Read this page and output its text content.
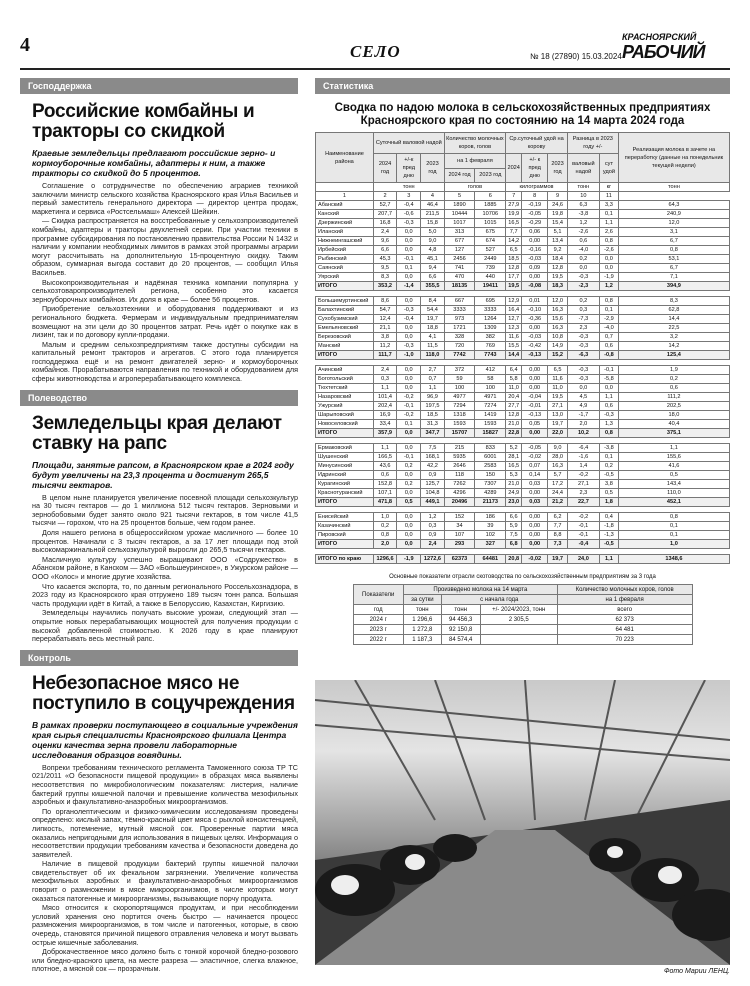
4	СЕЛО	№ 18 (27890) 15.03.2024
КРАСНОЯРСКИЙ
РАБОЧИЙ
Господдержка
Российские комбайны и тракторы со скидкой
Краевые земледельцы предлагают российские зерно- и кормоуборочные комбайны, адаптеры к ним, а также тракторы со скидкой до 5 процентов.

Соглашение о сотрудничестве по обеспечению аграриев техникой заключили министр сельского хозяйства Красноярского края Илья Васильев и первый заместитель генерального директора — директор центра продаж, маркетинга и сервиса «Ростсельмаш» Алексей Шейкин.

— Скидка распространяется на восстребованные у сельхозпроизводителей комбайны, адаптеры и тракторы двухлетней серии. При участии техники в программе субсидирования по постановлению правительства России N 1432 и наличии у компании необходимых лимитов в рамках этой программы аграрии могут рассчитывать на дополнительную 15-процентную скидку. Таким образом, суммарная выгода составит до 20 процентов, — сообщил Илья Васильев.

Высокопроизводительная и надёжная техника компании популярна у сельхозтоваропроизводителей региона, особенно это касается зерноуборочных комбайнов. Их доля в крае — более 56 процентов.

Приобретение сельхозтехники и оборудования поддерживают и из регионального бюджета. Фермерам и индивидуальным предпринимателям возмещают на эти цели до 30 процентов затрат. Речь идёт о покупке как в лизинг, так и по договору купли-продажи.

Малым и средним сельхозпредприятиям также доступны субсидии на капитальный ремонт тракторов и агрегатов. С этого года планируется господдержка ещё и на ремонт двигателей зерно- и кормоуборочных комбайнов. Прорабатываются направления по техникой и оборудованием для сферы животноводства и агроперерабатывающего комплекса.

Полеводство
Земледельцы края делают ставку на рапс
Площади, занятые рапсом, в Красноярском крае в 2024 году будут увеличены на 23,3 процента и достигнут 265,5 тысячи гектаров.

В целом ныне планируется увеличение посевной площади сельхозкультур на 30 тысяч гектаров — до 1 миллиона 512 тысяч гектаров. Зерновыми и зернобобовыми будет занято около 921 тысячи гектаров, в том числе 41,5 тысячи — горохом, что на 25 процентов больше, чем годом ранее.

Доля нашего региона в общероссийском урожае масличного — более 10 процентов. Начинали с 3 тысяч гектаров, а за 17 лет площади под этой высокомаржинальной сельхозкультурой выросли до 265,5 тысячи гектаров.

Масличную культуру успешно выращивают ООО «Содружество» в Абанском районе, в Канском — ЗАО «Большеуринское», в Ужурском районе — ООО «Колос» и многие другие хозяйства.

Что касается экспорта, то, по данным регионального Россельхознадзора, в 2023 году из Красноярского края отгружено 189 тысяч тонн рапса. Большая часть продукции идёт в Китай, а также в Белоруссию, Казахстан, Киргизию.

Земледельцы научились получать высокие урожаи, следующий этап — открытие новых перерабатывающих мощностей для получения продукции с высокой добавленной стоимостью. К 2026 году в крае планируют перерабатывать весь местный рапс.

Контроль
Небезопасное мясо не поступило в соцучреждения
В рамках проверки поступающего в социальные учреждения края сырья специалисты Красноярского филиала Центра оценки качества зерна провели лабораторные исследования образцов говядины.

Вопреки требованиям технического регламента Таможенного союза ТР ТС 021/2011 «О безопасности пищевой продукции» в образцах мяса выявлены несоответствия по микробиологическим показателям: листерия, наличие бактерий группы кишечной палочки и превышение количества мезофильных аэробных и факультативно-анаэробных микроорганизмов.

По органолептическим и физико-химическим исследованиям проведены определено: кислый запах, тёмно-красный цвет мяса с рыхлой консистенцией, липкость, потемнение, мутный мясной сок. Проверенные партии мяса оказались непригодными для использования в пищевых целях. Информация о несоответствии продукции требованиям качества и безопасности доведена до заявителей.

Наличие в пищевой продукции бактерий группы кишечной палочки свидетельствует об их фекальном загрязнении. Увеличение количества мезофильных аэробных и факультативно-анаэробных микроорганизмов говорит о размножении в мясе микроорганизмов, в числе которых могут оказаться патогенные и микроорганизмы, вызывающие порчу продукта.

Мясо относится к скоропортящимся продуктам, и при несоблюдении условий хранения оно портится очень быстро — начинается процесс размножения микроорганизмов, в том числе и патогенных, которые, в свою очередь, становятся причиной пищевого отравления человека и могут вызвать острые кишечные заболевания.

Доброкачественное мясо должно быть с тонкой корочкой бледно-розового или бледно-красного цвета, на месте разреза — эластичное, слегка влажное, плотное, а мясной сок — прозрачным.

Статистика
Сводка по надою молока в сельскохозяйственных предприятиях Красноярского края по состоянию на 14 марта 2024 года
Наименование района	Суточный валовой надой			Количество молочных коров, голов		Ср.суточный удой на корову			Разница в 2023 году +/-		Реализация молока в зачете на переработку (данные на понедельник текущей недели)
	2024 год	+/-к пред дню	2023 год	на 1 февраля		2024	+/- к пред дню	2023 год	валовый надой	сут удой	
				2024 год	2023 год						
	тонн			голов		килограммов			тонн	кг	тонн
1	2	3	4	5	6	7	8	9	10	11	
Абанский	52,7	-0,4	46,4	1890	1885	27,9	-0,19	24,6	6,3	3,3	64,3
Канский	207,7	-0,6	211,5	10444	10706	19,9	-0,05	19,8	-3,8	0,1	240,9
Дзержинский	16,8	-0,3	15,8	1017	1015	16,5	-0,29	15,4	1,2	1,1	12,0
Иланский	2,4	0,0	5,0	313	675	7,7	0,06	5,1	-2,6	2,6	3,1
Нижнеингашский	9,6	0,0	9,0	677	674	14,2	0,00	13,4	0,6	0,8	6,7
Ирбейский	6,6	0,0	4,8	127	527	6,5	-0,16	9,2	-4,0	-2,6	0,8
Рыбинский	45,3	-0,1	45,1	2456	2449	18,5	-0,03	18,4	0,2	0,0	53,1
Саянский	9,5	0,1	9,4	741	739	12,8	0,09	12,8	0,0	0,0	6,7
Уярский	8,3	0,0	6,6	470	440	17,7	0,00	19,5	-0,3	-1,9	7,1
ИТОГО	353,2	-1,4	355,5	18135	19411	19,5	-0,08	18,3	-2,3	1,2	394,9

Большемуртинский	8,6	0,0	8,4	667	695	12,9	0,01	12,0	0,2	0,8	8,3
Балахтинский	54,7	-0,3	54,4	3333	3333	16,4	-0,10	16,3	0,3	0,1	62,8
Сухобузимский	12,4	-0,4	19,7	973	1264	12,7	-0,36	15,6	-7,3	-2,9	14,4
Емельяновский	21,1	0,0	18,8	1721	1309	12,3	0,00	16,3	2,3	-4,0	22,5
Березовский	3,8	0,0	4,1	328	382	11,6	-0,03	10,8	-0,3	0,7	3,2
Манский	11,2	-0,3	11,5	720	769	15,5	-0,42	14,9	-0,3	0,6	14,2
ИТОГО	111,7	-1,0	118,0	7742	7743	14,4	-0,13	15,2	-6,3	-0,8	125,4

Ачинский	2,4	0,0	2,7	372	412	6,4	0,00	6,5	-0,3	-0,1	1,9
Боготольский	0,3	0,0	0,7	59	58	5,8	0,00	11,6	-0,3	-5,8	0,2
Тюхтетский	1,1	0,0	1,1	100	100	11,0	0,00	11,0	0,0	0,0	0,6
Назаровский	101,4	-0,2	96,9	4977	4971	20,4	-0,04	19,5	4,5	1,1	111,2
Ужурский	202,4	-0,1	197,5	7294	7274	27,7	-0,01	27,1	4,9	0,6	202,5
Шарыповский	16,9	-0,2	18,5	1318	1419	12,8	-0,13	13,0	-1,7	-0,3	18,0
Новоселовский	33,4	0,1	31,3	1593	1593	21,0	0,05	19,7	2,0	1,3	40,4
ИТОГО	357,9	0,0	347,7	15707	15827	22,8	0,00	22,0	10,2	0,8	375,1

Ермаковский	1,1	0,0	7,5	215	833	5,2	-0,05	9,0	-6,4	-3,8	1,1
Шушенский	166,5	-0,1	168,1	5935	6001	28,1	-0,02	28,0	-1,6	0,1	155,6
Минусинский	43,6	0,2	42,2	2646	2583	16,5	0,07	16,3	1,4	0,2	41,6
Идринский	0,6	0,0	0,9	118	150	5,3	0,14	5,7	-0,2	-0,5	0,5
Курагинский	152,8	0,2	125,7	7262	7307	21,0	0,03	17,2	27,1	3,8	143,4
Краснотуранский	107,1	0,0	104,8	4296	4289	24,9	0,00	24,4	2,3	0,5	110,0
ИТОГО	471,8	0,5	449,1	20496	21173	23,0	0,03	21,2	22,7	1,8	452,1

Енисейский	1,0	0,0	1,2	152	186	6,6	0,00	6,2	-0,2	0,4	0,8
Казачинский	0,2	0,0	0,3	34	39	5,9	0,00	7,7	-0,1	-1,8	0,1
Пировский	0,8	0,0	0,9	107	102	7,5	0,00	8,8	-0,1	-1,3	0,1
ИТОГО	2,0	0,0	2,4	293	327	6,8	0,00	7,3	-0,4	-0,5	1,0

ИТОГО по краю	1296,6	-1,9	1272,6	62373	64481	20,8	-0,02	19,7	24,0	1,1	1348,6
Основные показатели отрасли скотоводства по сельскохозяйственным предприятиям за 3 года
Показатели	Произведено молока на 14 марта			Количество молочных коров, голов
	за сутки	с начала года		на 1 февраля
год	тонн	тонн	+/- 2024/2023, тонн	всего
2024 г	1 296,6	94 456,3	2 305,5	62 373
2023 г	1 272,8	92 150,8		64 481
2022 г	1 187,3	84 574,4		70 223
Фото Марии ЛЕНЦ.
